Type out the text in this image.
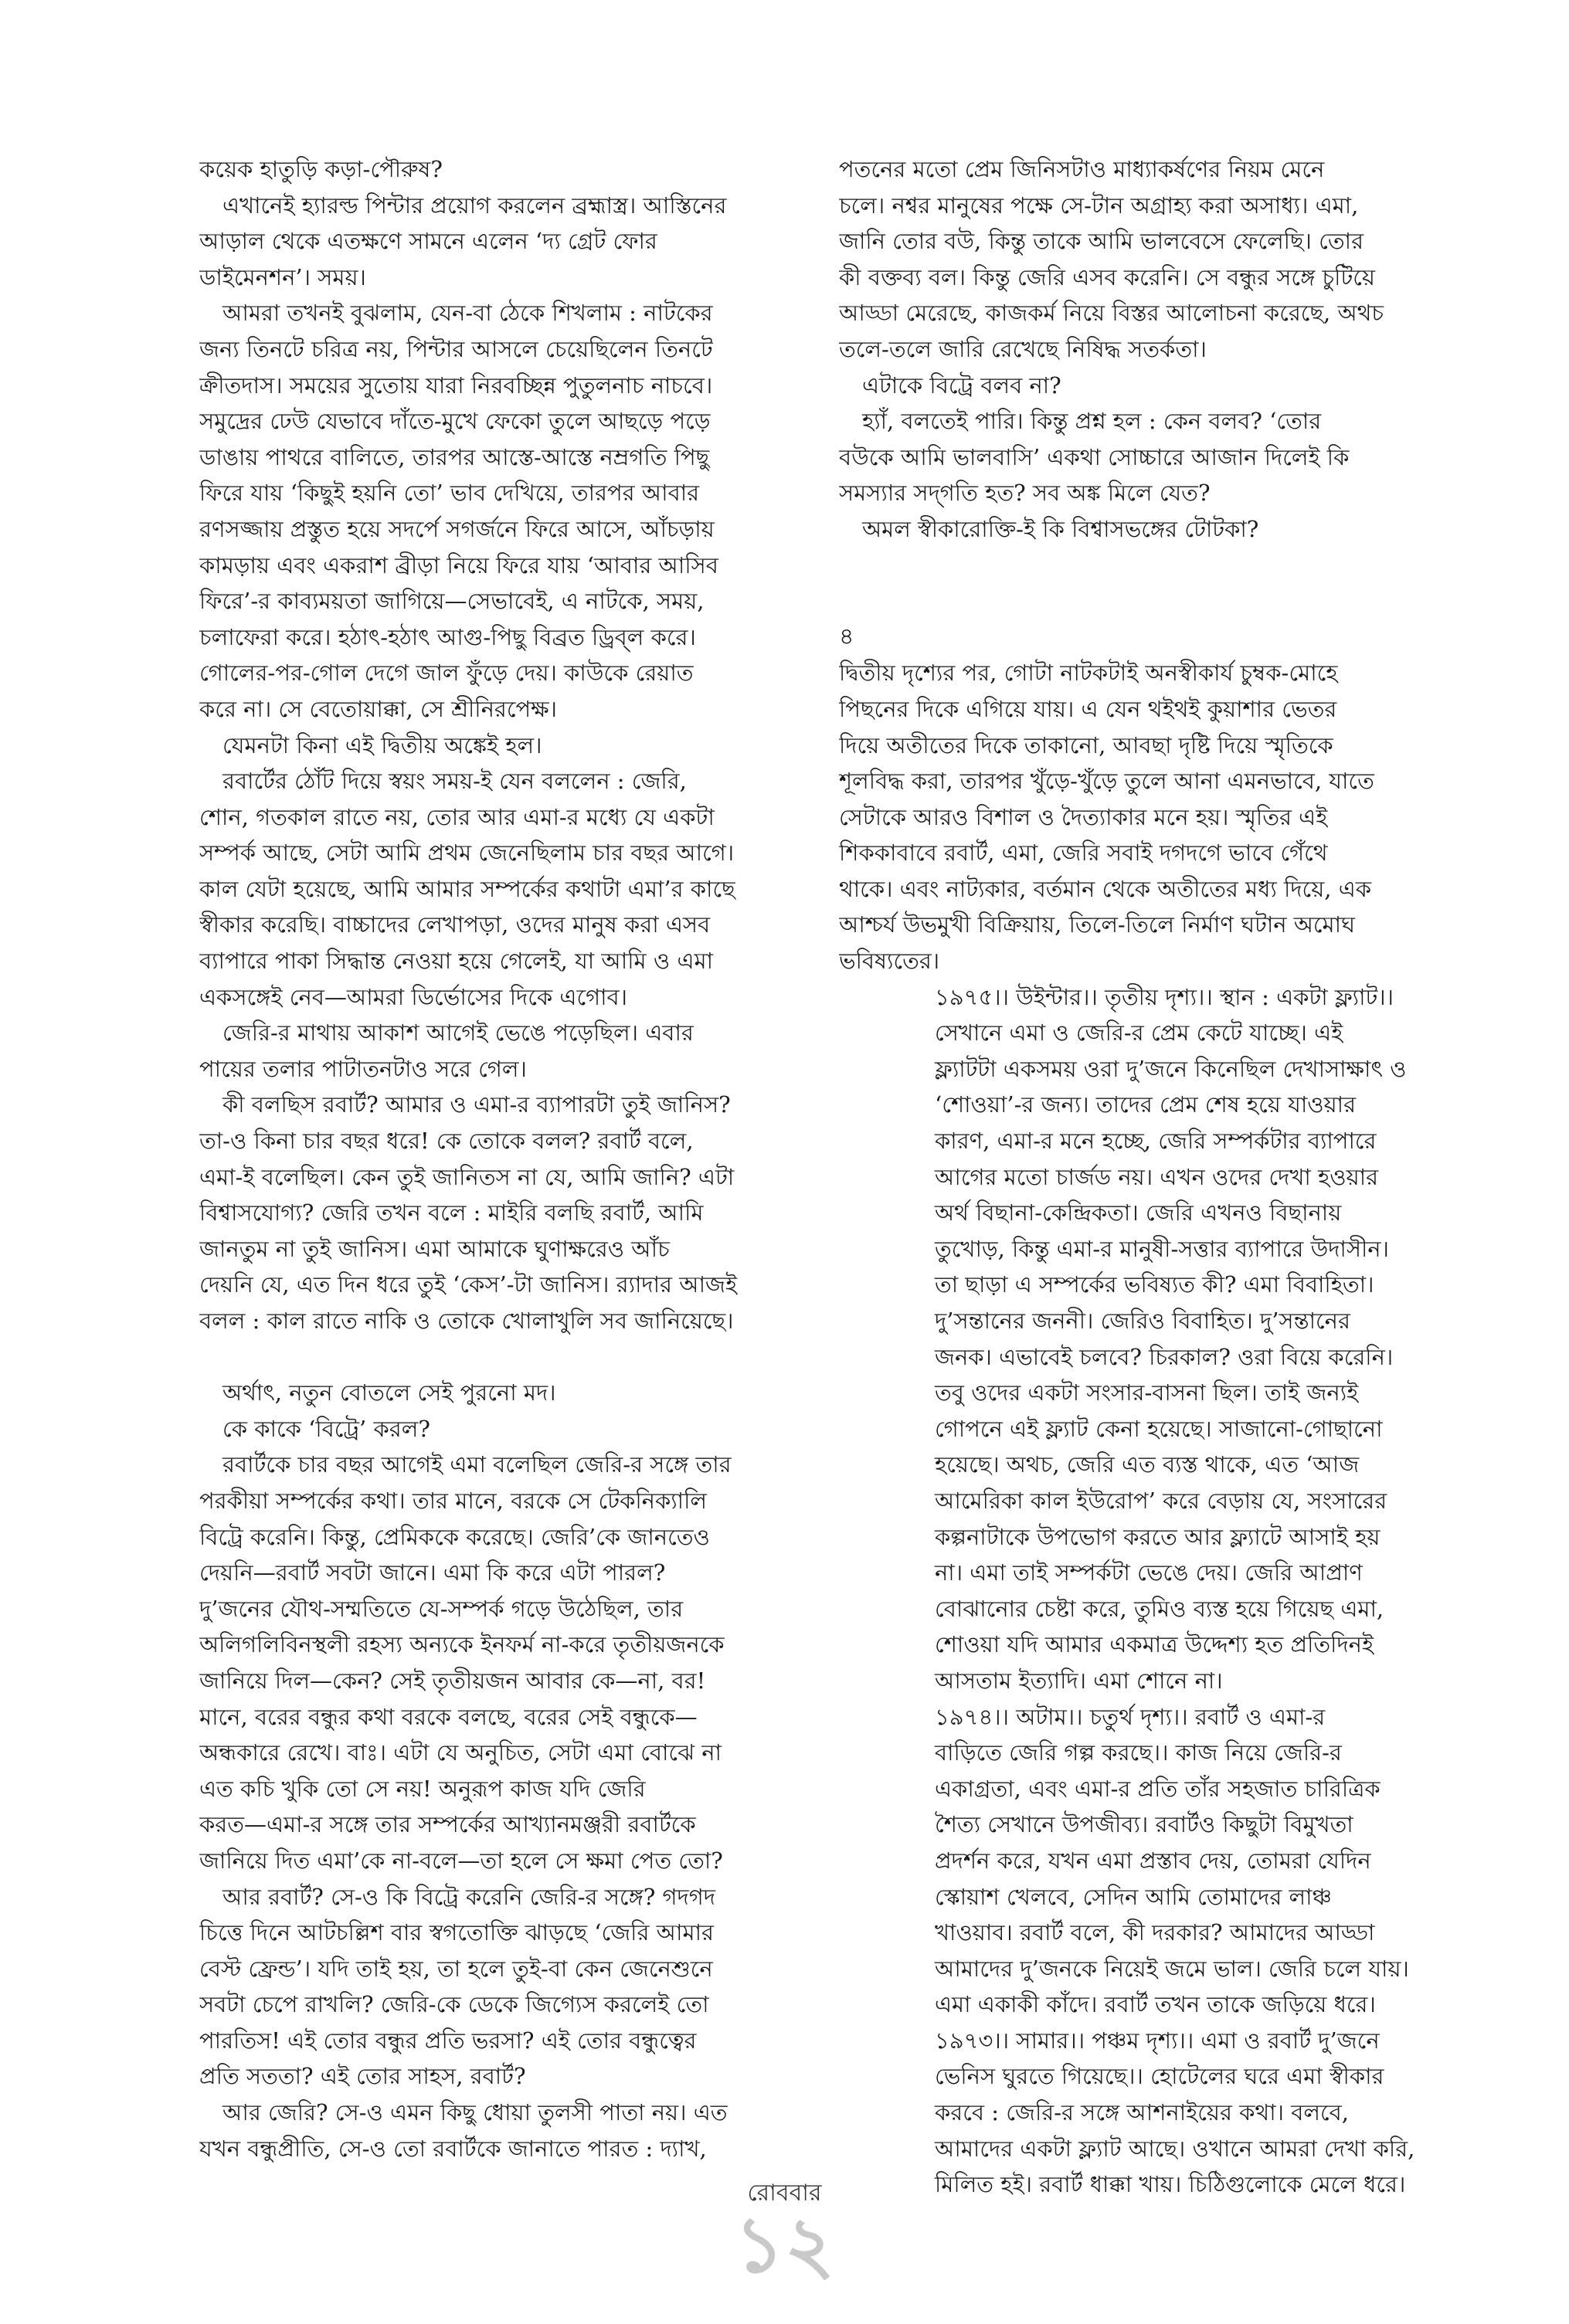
কয়েক হাতুড়ি কড়া-পৌরুষ?
এখানেই হ্যারল্ড পিন্টার প্রয়োগ করলেন ব্রহ্মাস্ত্র। আস্তিনের
আড়াল থেকে এতক্ষণে সামনে এলেন ‘দ্য গ্রেট ফোর
ডাইমেনশন’। সময়।
আমরা তখনই বুঝলাম, যেন-বা ঠেকে শিখলাম : নাটকের
জন্য তিনটে চরিত্র নয়, পিন্টার আসলে চেয়েছিলেন তিনটে
ক্রীতদাস। সময়ের সুতোয় যারা নিরবচ্ছিন্ন পুতুলনাচ নাচবে।
সমুদ্রের ঢেউ যেভাবে দাঁতে-মুখে ফেকো তুলে আছড়ে পড়ে
ডাঙায় পাথরে বালিতে, তারপর আস্তে-আস্তে নম্রগতি পিছু
ফিরে যায় ‘কিছুই হয়নি তো’ ভাব দেখিয়ে, তারপর আবার
রণসজ্জায় প্রস্তুত হয়ে সদর্পে সগর্জনে ফিরে আসে, আঁচড়ায়
কামড়ায় এবং একরাশ ব্রীড়া নিয়ে ফিরে যায় ‘আবার আসিব
ফিরে’-র কাব্যময়তা জাগিয়ে—সেভাবেই, এ নাটকে, সময়,
চলাফেরা করে। হঠাৎ-হঠাৎ আগু-পিছু বিব্রত ড্রিব্‌ল করে।
গোলের-পর-গোল দেগে জাল ফুঁড়ে দেয়। কাউকে রেয়াত
করে না। সে বেতোয়াক্কা, সে শ্রীনিরপেক্ষ।
যেমনটা কিনা এই দ্বিতীয় অঙ্কেই হল।
রবার্টের ঠোঁট দিয়ে স্বয়ং সময়-ই যেন বললেন : জেরি,
শোন, গতকাল রাতে নয়, তোর আর এমা-র মধ্যে যে একটা
সম্পর্ক আছে, সেটা আমি প্রথম জেনেছিলাম চার বছর আগে।
কাল যেটা হয়েছে, আমি আমার সম্পর্কের কথাটা এমা’র কাছে
স্বীকার করেছি। বাচ্চাদের লেখাপড়া, ওদের মানুষ করা এসব
ব্যাপারে পাকা সিদ্ধান্ত নেওয়া হয়ে গেলেই, যা আমি ও এমা
একসঙ্গেই নেব—আমরা ডির্ভোসের দিকে এগোব।
জেরি-র মাথায় আকাশ আগেই ভেঙে পড়েছিল। এবার
পায়ের তলার পাটাতনটাও সরে গেল।
কী বলছিস রবার্ট? আমার ও এমা-র ব্যাপারটা তুই জানিস?
তা-ও কিনা চার বছর ধরে! কে তোকে বলল? রবার্ট বলে,
এমা-ই বলেছিল। কেন তুই জানিতস না যে, আমি জানি? এটা
বিশ্বাসযোগ্য? জেরি তখন বলে : মাইরি বলছি রবার্ট, আমি
জানতুম না তুই জানিস। এমা আমাকে ঘুণাক্ষরেও আঁচ
দেয়নি যে, এত দিন ধরে তুই ‘কেস’-টা জানিস। র‍্যাদার আজই
বলল : কাল রাতে নাকি ও তোকে খোলাখুলি সব জানিয়েছে।
অর্থাৎ, নতুন বোতলে সেই পুরনো মদ।
কে কাকে ‘বিট্রে’ করল?
রবার্টকে চার বছর আগেই এমা বলেছিল জেরি-র সঙ্গে তার
পরকীয়া সম্পর্কের কথা। তার মানে, বরকে সে টেকনিক্যালি
বিট্রে করেনি। কিন্তু, প্রেমিককে করেছে। জেরি’কে জানতেও
দেয়নি—রবার্ট সবটা জানে। এমা কি করে এটা পারল?
দু’জনের যৌথ-সম্মতিতে যে-সম্পর্ক গড়ে উঠেছিল, তার
অলিগলিবিনস্থলী রহস্য অন্যকে ইনফর্ম না-করে তৃতীয়জনকে
জানিয়ে দিল—কেন? সেই তৃতীয়জন আবার কে—না, বর!
মানে, বরের বন্ধুর কথা বরকে বলছে, বরের সেই বন্ধুকে—
অন্ধকারে রেখে। বাঃ। এটা যে অনুচিত, সেটা এমা বোঝে না
এত কচি খুকি তো সে নয়! অনুরূপ কাজ যদি জেরি
করত—এমা-র সঙ্গে তার সম্পর্কের আখ্যানমঞ্জরী রবার্টকে
জানিয়ে দিত এমা’কে না-বলে—তা হলে সে ক্ষমা পেত তো?
আর রবার্ট? সে-ও কি বিট্রে করেনি জেরি-র সঙ্গে? গদগদ
চিত্তে দিনে আটচল্লিশ বার স্বগতোক্তি ঝাড়ছে ‘জেরি আমার
বেস্ট ফ্রেন্ড’। যদি তাই হয়, তা হলে তুই-বা কেন জেনেশুনে
সবটা চেপে রাখলি? জেরি-কে ডেকে জিগ্যেস করলেই তো
পারতিস! এই তোর বন্ধুর প্রতি ভরসা? এই তোর বন্ধুত্বের
প্রতি সততা? এই তোর সাহস, রবার্ট?
আর জেরি? সে-ও এমন কিছু ধোয়া তুলসী পাতা নয়। এত
যখন বন্ধুপ্রীতি, সে-ও তো রবার্টকে জানাতে পারত : দ্যাখ,
পতনের মতো প্রেম জিনিসটাও মাধ্যাকর্ষণের নিয়ম মেনে
চলে। নশ্বর মানুষের পক্ষে সে-টান অগ্রাহ্য করা অসাধ্য। এমা,
জানি তোর বউ, কিন্তু তাকে আমি ভালবেসে ফেলেছি। তোর
কী বক্তব্য বল। কিন্তু জেরি এসব করেনি। সে বন্ধুর সঙ্গে চুটিয়ে
আড্ডা মেরেছে, কাজকর্ম নিয়ে বিস্তর আলোচনা করেছে, অথচ
তলে-তলে জারি রেখেছে নিষিদ্ধ সতর্কতা।
এটাকে বিট্রে বলব না?
হ্যাঁ, বলতেই পারি। কিন্তু প্রশ্ন হল : কেন বলব? ‘তোর
বউকে আমি ভালবাসি’ একথা সোচ্চারে আজান দিলেই কি
সমস্যার সদ্‌গতি হত? সব অঙ্ক মিলে যেত?
অমল স্বীকারোক্তি-ই কি বিশ্বাসভঙ্গের টোটকা?
৪
দ্বিতীয় দৃশ্যের পর, গোটা নাটকটাই অনস্বীকার্য চুম্বক-মোহে
পিছনের দিকে এগিয়ে যায়। এ যেন থইথই কুয়াশার ভেতর
দিয়ে অতীতের দিকে তাকানো, আবছা দৃষ্টি দিয়ে স্মৃতিকে
শূলবিদ্ধ করা, তারপর খুঁড়ে-খুঁড়ে তুলে আনা এমনভাবে, যাতে
সেটাকে আরও বিশাল ও দৈত্যাকার মনে হয়। স্মৃতির এই
শিককাবাবে রবার্ট, এমা, জেরি সবাই দগদগে ভাবে গেঁথে
থাকে। এবং নাট্যকার, বর্তমান থেকে অতীতের মধ্য দিয়ে, এক
আশ্চর্য উভমুখী বিক্রিয়ায়, তিলে-তিলে নির্মাণ ঘটান অমোঘ
ভবিষ্যতের।
১৯৭৫।। উইন্টার।। তৃতীয় দৃশ্য।। স্থান : একটা ফ্ল্যাট।।
সেখানে এমা ও জেরি-র প্রেম কেটে যাচ্ছে। এই
ফ্ল্যাটটা একসময় ওরা দু’জনে কিনেছিল দেখাসাক্ষাৎ ও
‘শোওয়া’-র জন্য। তাদের প্রেম শেষ হয়ে যাওয়ার
কারণ, এমা-র মনে হচ্ছে, জেরি সম্পর্কটার ব্যাপারে
আগের মতো চার্জড নয়। এখন ওদের দেখা হওয়ার
অর্থ বিছানা-কেন্দ্রিকতা। জেরি এখনও বিছানায়
তুখোড়, কিন্তু এমা-র মানুষী-সত্তার ব্যাপারে উদাসীন।
তা ছাড়া এ সম্পর্কের ভবিষ্যত কী? এমা বিবাহিতা।
দু’সন্তানের জননী। জেরিও বিবাহিত। দু’সন্তানের
জনক। এভাবেই চলবে? চিরকাল? ওরা বিয়ে করেনি।
তবু ওদের একটা সংসার-বাসনা ছিল। তাই জন্যই
গোপনে এই ফ্ল্যাট কেনা হয়েছে। সাজানো-গোছানো
হয়েছে। অথচ, জেরি এত ব্যস্ত থাকে, এত ‘আজ
আমেরিকা কাল ইউরোপ’ করে বেড়ায় যে, সংসারের
কল্পনাটাকে উপভোগ করতে আর ফ্ল্যাটে আসাই হয়
না। এমা তাই সম্পর্কটা ভেঙে দেয়। জেরি আপ্রাণ
বোঝানোর চেষ্টা করে, তুমিও ব্যস্ত হয়ে গিয়েছ এমা,
শোওয়া যদি আমার একমাত্র উদ্দেশ্য হত প্রতিদিনই
আসতাম ইত্যাদি। এমা শোনে না।
১৯৭৪।। অটাম।। চতুর্থ দৃশ্য।। রবার্ট ও এমা-র
বাড়িতে জেরি গল্প করছে।। কাজ নিয়ে জেরি-র
একাগ্রতা, এবং এমা-র প্রতি তাঁর সহজাত চারিত্রিক
শৈত্য সেখানে উপজীব্য। রবার্টও কিছুটা বিমুখতা
প্রদর্শন করে, যখন এমা প্রস্তাব দেয়, তোমরা যেদিন
স্কোয়াশ খেলবে, সেদিন আমি তোমাদের লাঞ্চ
খাওয়াব। রবার্ট বলে, কী দরকার? আমাদের আড্ডা
আমাদের দু’জনকে নিয়েই জমে ভাল। জেরি চলে যায়।
এমা একাকী কাঁদে। রবার্ট তখন তাকে জড়িয়ে ধরে।
১৯৭৩।। সামার।। পঞ্চম দৃশ্য।। এমা ও রবার্ট দু’জনে
ভেনিস ঘুরতে গিয়েছে।। হোটেলের ঘরে এমা স্বীকার
করবে : জেরি-র সঙ্গে আশনাইয়ের কথা। বলবে,
আমাদের একটা ফ্ল্যাট আছে। ওখানে আমরা দেখা করি,
মিলিত হই। রবার্ট ধাক্কা খায়। চিঠিগুলোকে মেলে ধরে।
রোববার
১২
